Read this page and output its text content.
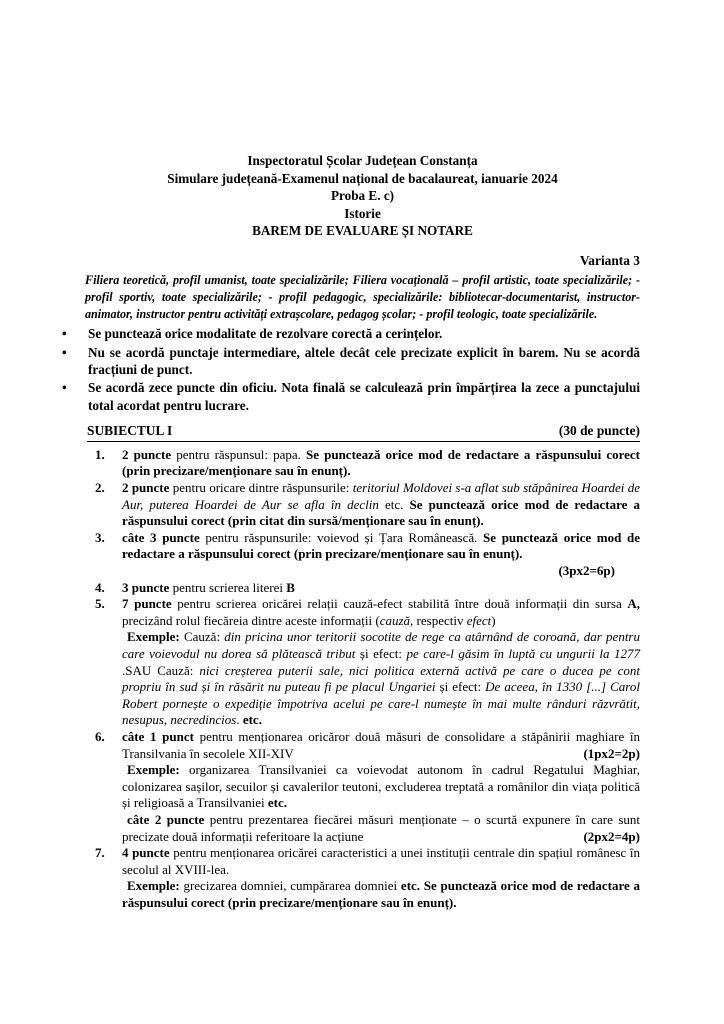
Inspectoratul Școlar Județean Constanța
Simulare județeană-Examenul național de bacalaureat, ianuarie 2024
Proba E. c)
Istorie
BAREM DE EVALUARE ȘI NOTARE
Varianta 3

Filiera teoretică, profil umanist, toate specializările; Filiera vocațională – profil artistic, toate specializările; - profil sportiv, toate specializările; - profil pedagogic, specializările: bibliotecar-documentarist, instructor-animator, instructor pentru activități extrașcolare, pedagog școlar; - profil teologic, toate specializările.

• Se punctează orice modalitate de rezolvare corectă a cerințelor.
• Nu se acordă punctaje intermediare, altele decât cele precizate explicit în barem. Nu se acordă fracțiuni de punct.
• Se acordă zece puncte din oficiu. Nota finală se calculează prin împărțirea la zece a punctajului total acordat pentru lucrare.
SUBIECTUL I	(30 de puncte)
1. 2 puncte pentru răspunsul: papa. Se punctează orice mod de redactare a răspunsului corect (prin precizare/menționare sau în enunț).
2. 2 puncte pentru oricare dintre răspunsurile: teritoriul Moldovei s-a aflat sub stăpânirea Hoardei de Aur, puterea Hoardei de Aur se afla în declin etc. Se punctează orice mod de redactare a răspunsului corect (prin citat din sursă/menționare sau în enunț).
3. câte 3 puncte pentru răspunsurile: voievod și Țara Românească. Se punctează orice mod de redactare a răspunsului corect (prin precizare/menționare sau în enunț).
(3px2=6p)
4. 3 puncte pentru scrierea literei B
5. 7 puncte pentru scrierea oricărei relații cauză-efect stabilită între două informații din sursa A, precizând rolul fiecăreia dintre aceste informații (cauză, respectiv efect)
Exemple: Cauză: din pricina unor teritorii socotite de rege ca atârnând de coroană, dar pentru care voievodul nu dorea să plătească tribut și efect: pe care-l găsim în luptă cu ungurii la 1277 .SAU Cauză: nici creșterea puterii sale, nici politica externă activă pe care o ducea pe cont propriu în sud și în răsărit nu puteau fi pe placul Ungariei și efect: De aceea, în 1330 [...] Carol Robert pornește o expediție împotriva acelui pe care-l numește în mai multe rânduri răzvrătit, nesupus, necredincios. etc.
6. câte 1 punct pentru menționarea oricăror două măsuri de consolidare a stăpânirii maghiare în Transilvania în secolele XII-XIV	(1px2=2p)
Exemple: organizarea Transilvaniei ca voievodat autonom în cadrul Regatului Maghiar, colonizarea sașilor, secuilor și cavalerilor teutoni, excluderea treptată a românilor din viața politică și religioasă a Transilvaniei etc.
câte 2 puncte pentru prezentarea fiecărei măsuri menționate – o scurtă expunere în care sunt precizate două informații referitoare la acțiune	(2px2=4p)
7. 4 puncte pentru menționarea oricărei caracteristici a unei instituții centrale din spațiul românesc în secolul al XVIII-lea.
Exemple: grecizarea domniei, cumpărarea domniei etc. Se punctează orice mod de redactare a răspunsului corect (prin precizare/menționare sau în enunț).
